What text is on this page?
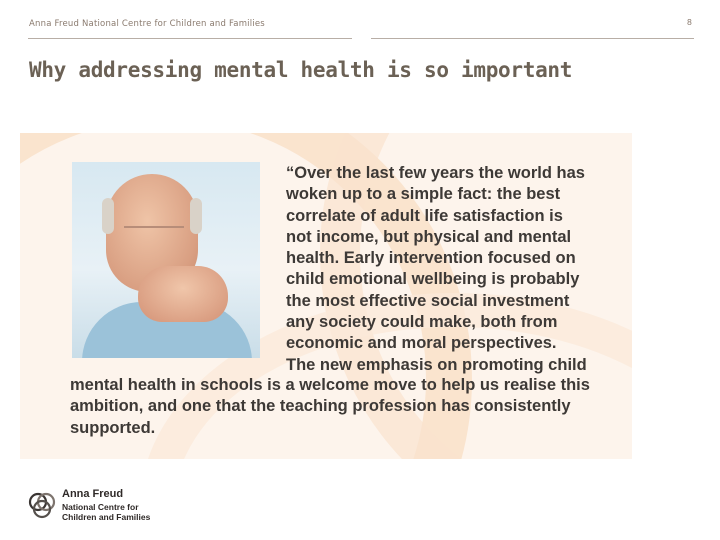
Anna Freud National Centre for Children and Families	8
Why addressing mental health is so important

“Over the last few years the world has
woken up to a simple fact: the best
correlate of adult life satisfaction is
not income, but physical and mental
health. Early intervention focused on
child emotional wellbeing is probably
the most effective social investment
any society could make, both from
economic and moral perspectives.
The new emphasis on promoting child

mental health in schools is a welcome move to help us realise this
ambition, and one that the teaching profession has consistently
supported.

Anna Freud

National Centre for

Children and Families
